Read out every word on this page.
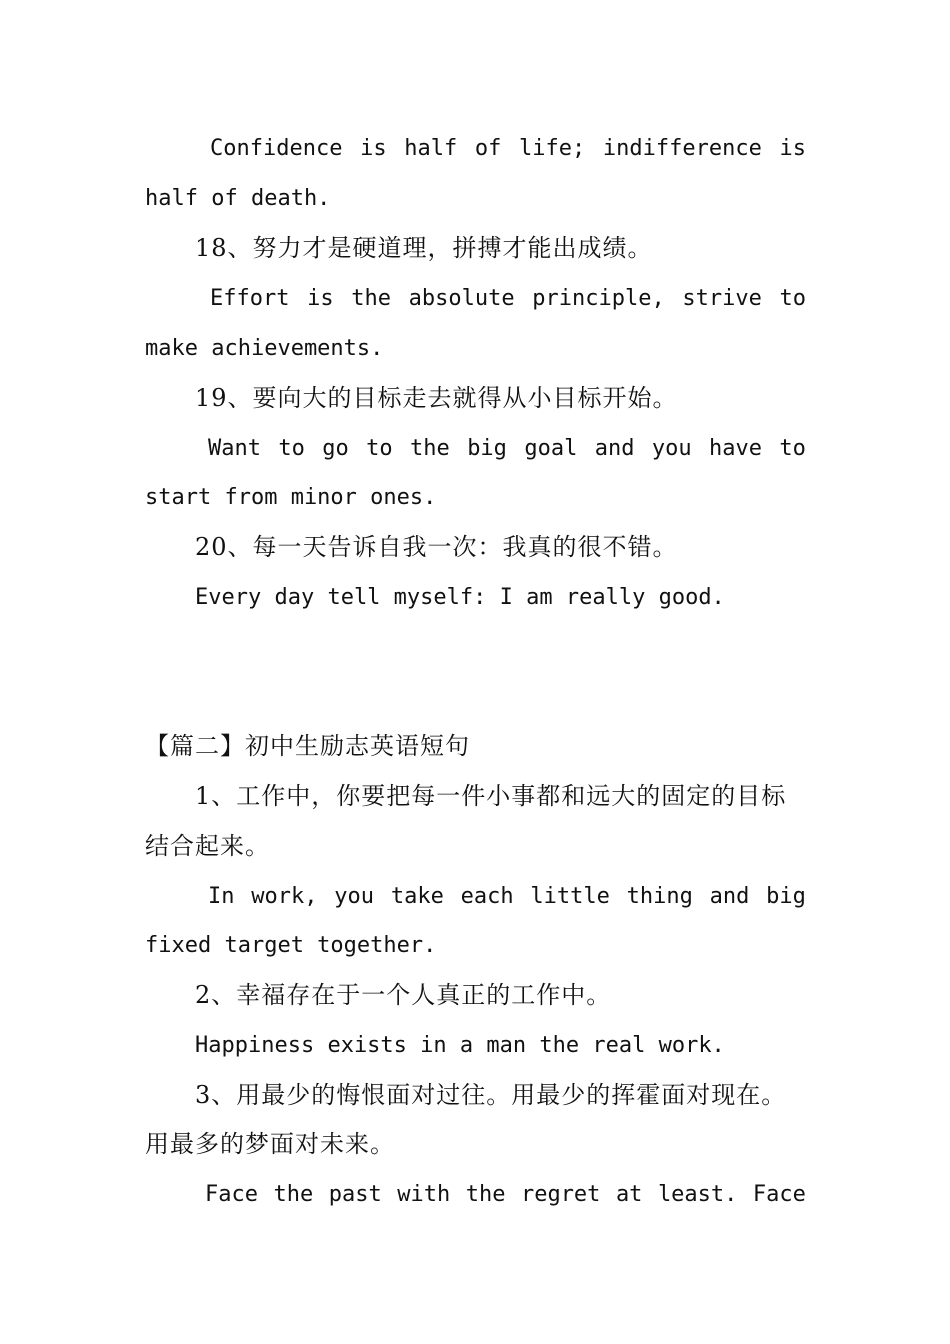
Confidence is half of life; indifference is
half of death.
18、努力才是硬道理，拼搏才能出成绩。
Effort is the absolute principle, strive to
make achievements.
19、要向大的目标走去就得从小目标开始。
Want to go to the big goal and you have to
start from minor ones.
20、每一天告诉自我一次：我真的很不错。
Every day tell myself: I am really good.
【篇二】初中生励志英语短句
1、工作中，你要把每一件小事都和远大的固定的目标
结合起来。
In work, you take each little thing and big
fixed target together.
2、幸福存在于一个人真正的工作中。
Happiness exists in a man the real work.
3、用最少的悔恨面对过往。用最少的挥霍面对现在。
用最多的梦面对未来。
Face the past with the regret at least. Face
